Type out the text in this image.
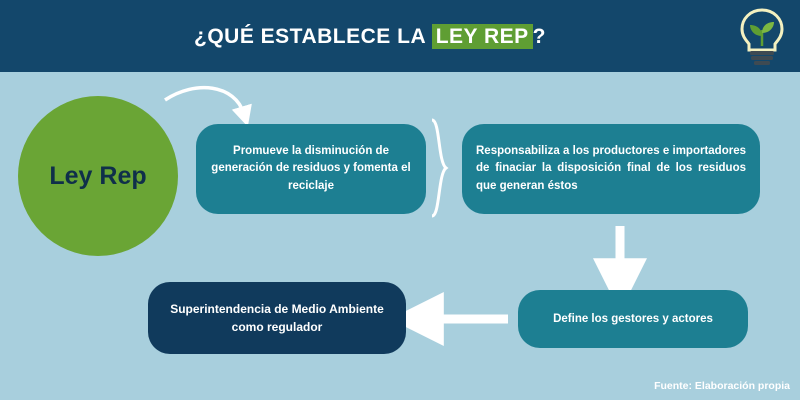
¿QUÉ ESTABLECE LA LEY REP ?
Ley Rep
Promueve la disminución de generación de residuos y fomenta el reciclaje
Responsabiliza a los productores e importadores de finaciar la disposición final de los residuos que generan éstos
Define los gestores y actores
Superintendencia de Medio Ambiente como regulador
Fuente: Elaboración propia
